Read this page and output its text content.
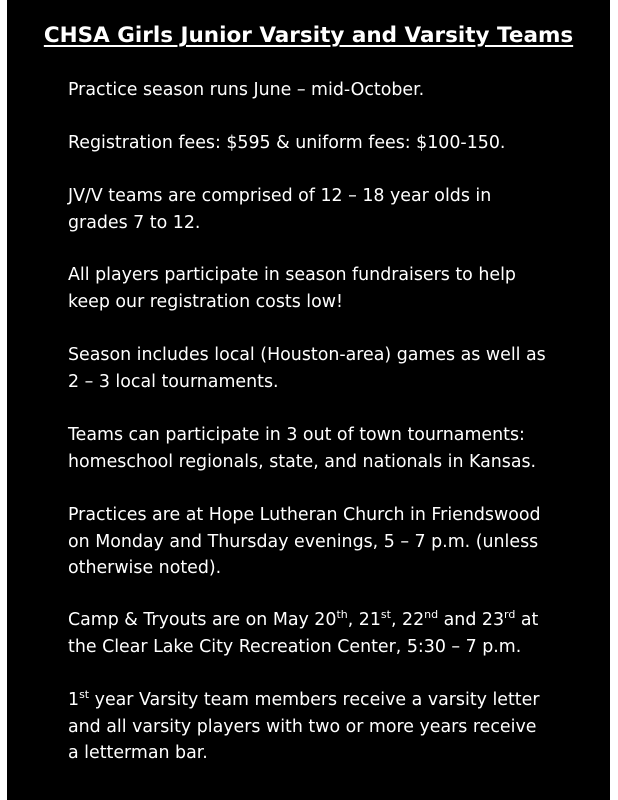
CHSA Girls Junior Varsity and Varsity Teams

Practice season runs June – mid-October.

Registration fees: $595 & uniform fees: $100-150.

JV/V teams are comprised of 12 – 18 year olds in
grades 7 to 12.

All players participate in season fundraisers to help
keep our registration costs low!

Season includes local (Houston-area) games as well as
2 – 3 local tournaments.

Teams can participate in 3 out of town tournaments:
homeschool regionals, state, and nationals in Kansas.

Practices are at Hope Lutheran Church in Friendswood
on Monday and Thursday evenings, 5 – 7 p.m. (unless
otherwise noted).

Camp & Tryouts are on May 20th, 21st, 22nd and 23rd at
the Clear Lake City Recreation Center, 5:30 – 7 p.m.

1st year Varsity team members receive a varsity letter
and all varsity players with two or more years receive
a letterman bar.
